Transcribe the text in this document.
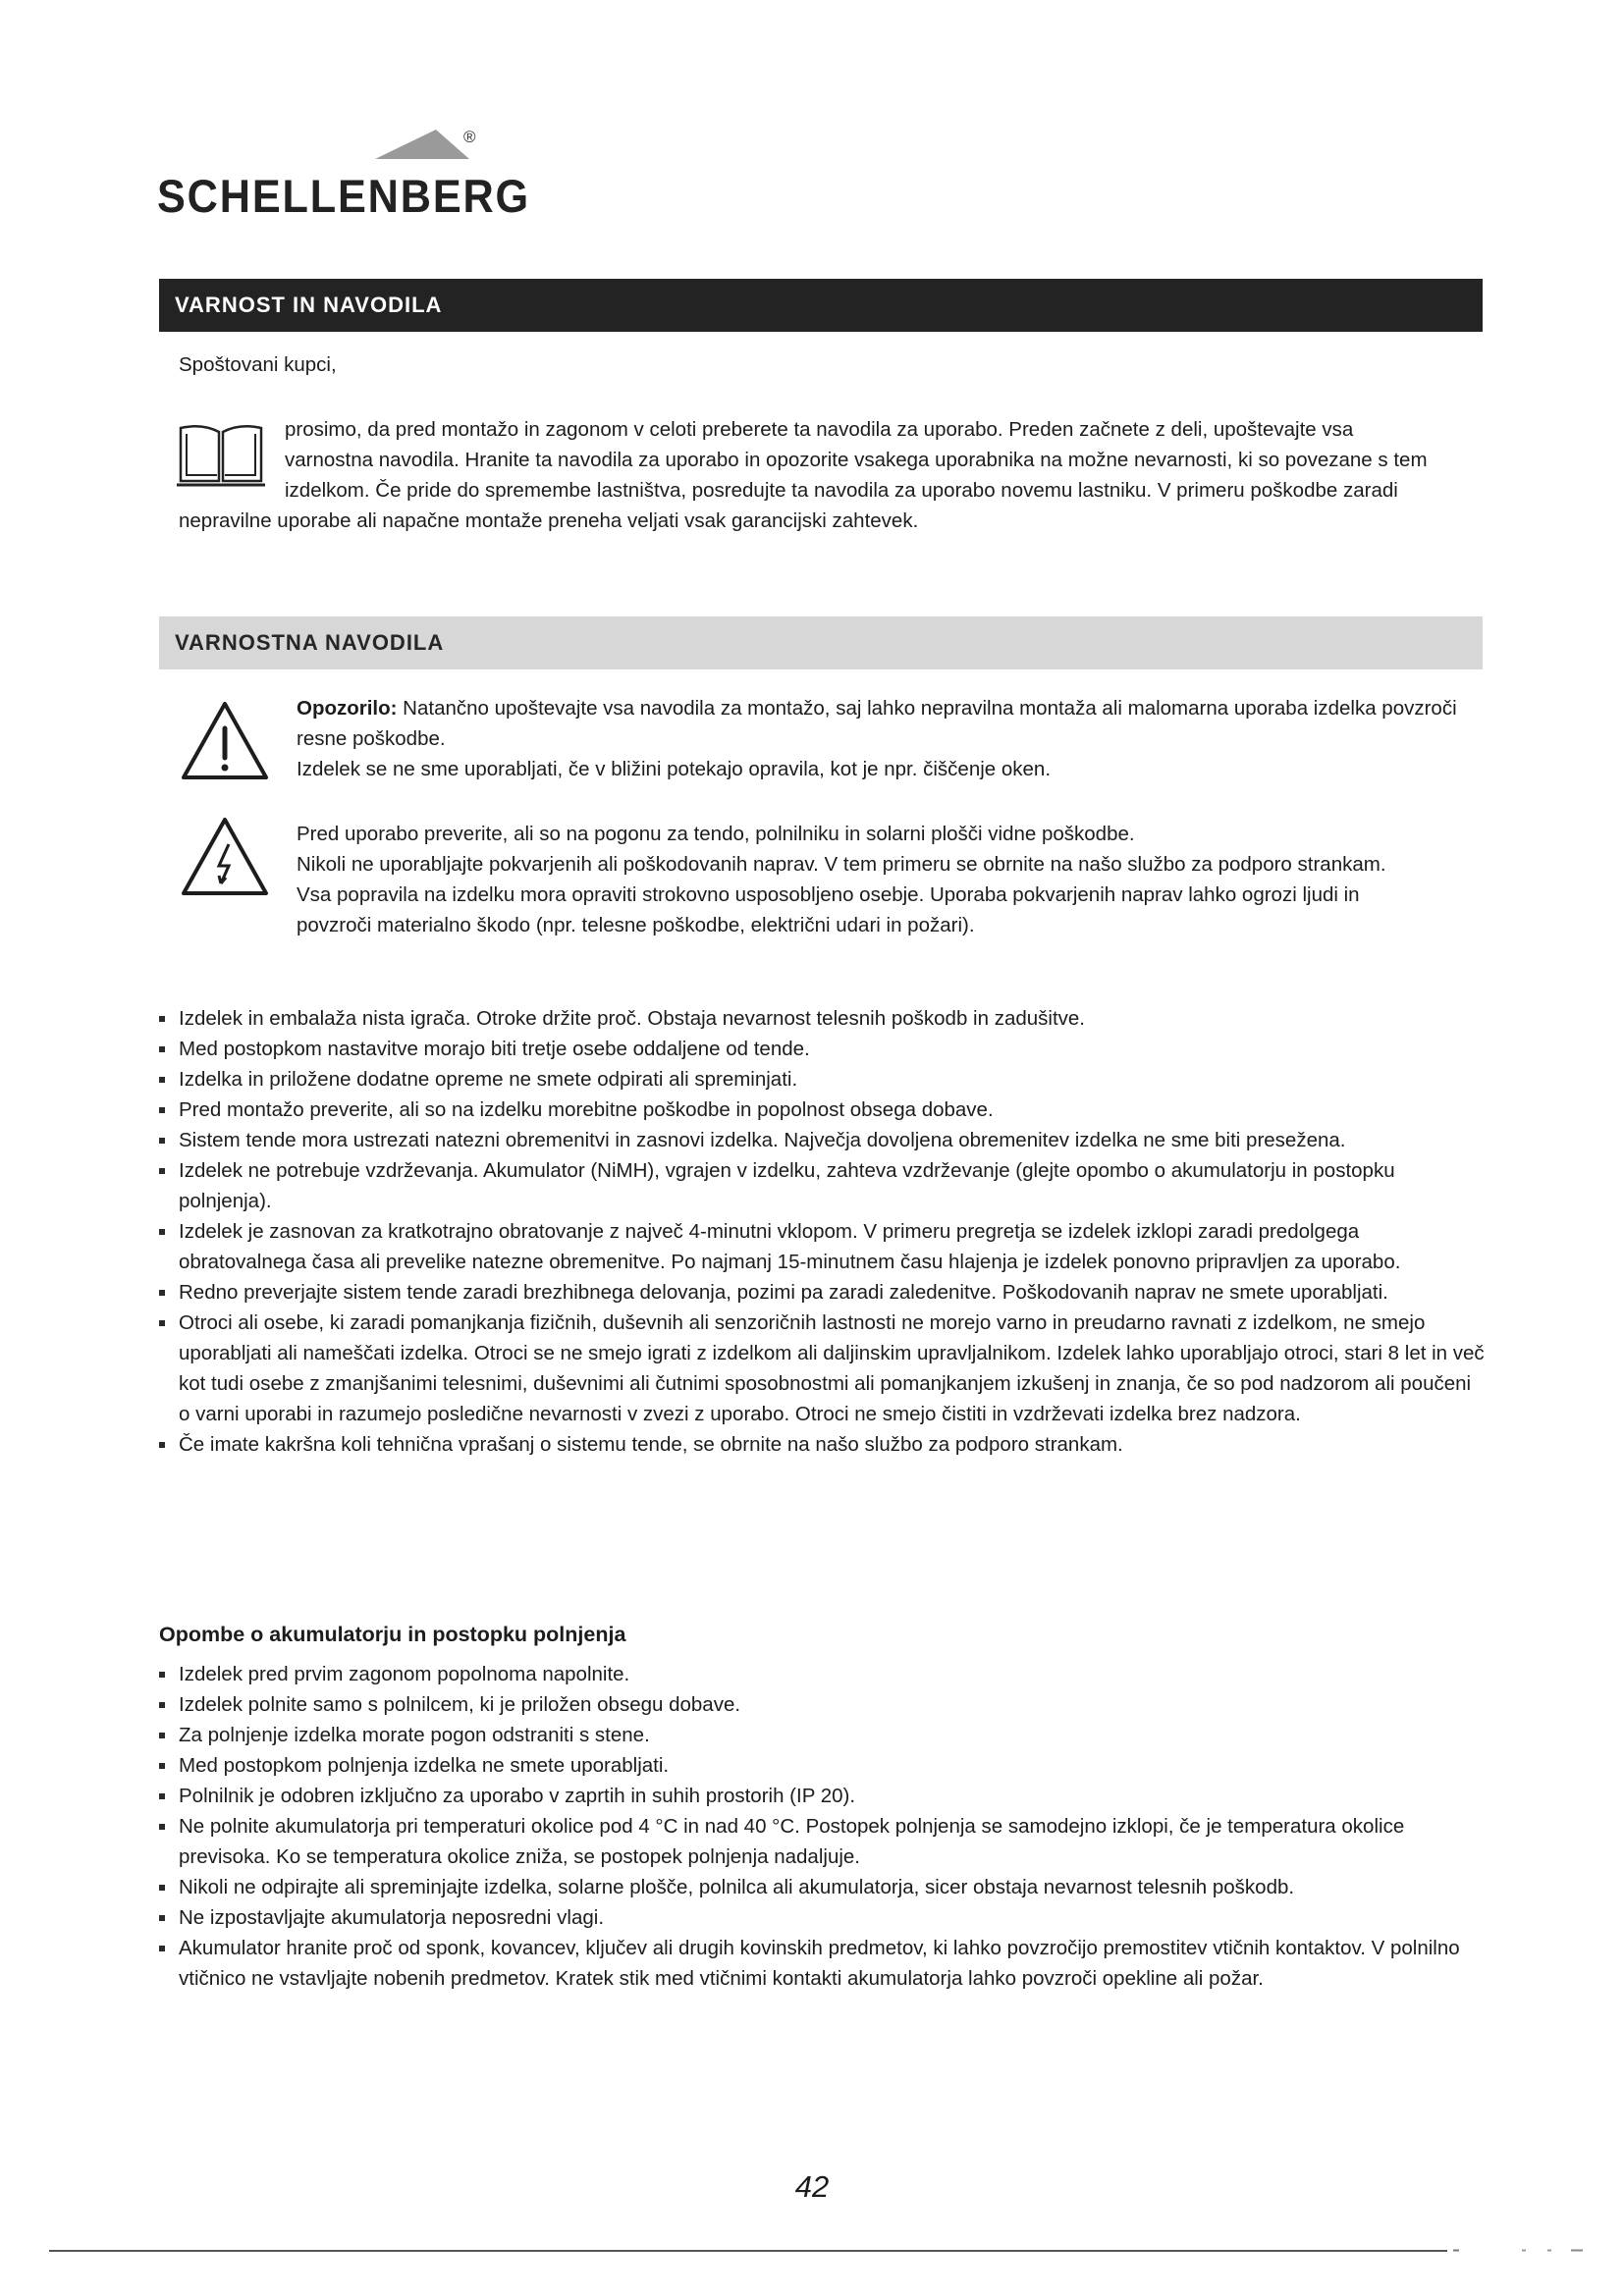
®
SCHELLENBERG
VARNOST IN NAVODILA
Spoštovani kupci,
prosimo, da pred montažo in zagonom v celoti preberete ta navodila za uporabo. Preden začnete z deli, upoštevajte vsa varnostna navodila. Hranite ta navodila za uporabo in opozorite vsakega uporabnika na možne nevarnosti, ki so povezane s tem izdelkom. Če pride do spremembe lastništva, posredujte ta navodila za uporabo novemu lastniku. V primeru poškodbe zaradi nepravilne uporabe ali napačne montaže preneha veljati vsak garancijski zahtevek.
VARNOSTNA NAVODILA
Opozorilo: Natančno upoštevajte vsa navodila za montažo, saj lahko nepravilna montaža ali malomarna uporaba izdelka povzroči resne poškodbe.
Izdelek se ne sme uporabljati, če v bližini potekajo opravila, kot je npr. čiščenje oken.
Pred uporabo preverite, ali so na pogonu za tendo, polnilniku in solarni plošči vidne poškodbe.
Nikoli ne uporabljajte pokvarjenih ali poškodovanih naprav. V tem primeru se obrnite na našo službo za podporo strankam. Vsa popravila na izdelku mora opraviti strokovno usposobljeno osebje. Uporaba pokvarjenih naprav lahko ogrozi ljudi in povzroči materialno škodo (npr. telesne poškodbe, električni udari in požari).
Izdelek in embalaža nista igrača. Otroke držite proč. Obstaja nevarnost telesnih poškodb in zadušitve.
Med postopkom nastavitve morajo biti tretje osebe oddaljene od tende.
Izdelka in priložene dodatne opreme ne smete odpirati ali spreminjati.
Pred montažo preverite, ali so na izdelku morebitne poškodbe in popolnost obsega dobave.
Sistem tende mora ustrezati natezni obremenitvi in zasnovi izdelka. Največja dovoljena obremenitev izdelka ne sme biti presežena.
Izdelek ne potrebuje vzdrževanja. Akumulator (NiMH), vgrajen v izdelku, zahteva vzdrževanje (glejte opombo o akumulatorju in postopku polnjenja).
Izdelek je zasnovan za kratkotrajno obratovanje z največ 4-minutni vklopom. V primeru pregretja se izdelek izklopi zaradi predolgega obratovalnega časa ali prevelike natezne obremenitve. Po najmanj 15-minutnem času hlajenja je izdelek ponovno pripravljen za uporabo.
Redno preverjajte sistem tende zaradi brezhibnega delovanja, pozimi pa zaradi zaledenitve. Poškodovanih naprav ne smete uporabljati.
Otroci ali osebe, ki zaradi pomanjkanja fizičnih, duševnih ali senzoričnih lastnosti ne morejo varno in preudarno ravnati z izdelkom, ne smejo uporabljati ali nameščati izdelka. Otroci se ne smejo igrati z izdelkom ali daljinskim upravljalnikom. Izdelek lahko uporabljajo otroci, stari 8 let in več kot tudi osebe z zmanjšanimi telesnimi, duševnimi ali čutnimi sposobnostmi ali pomanjkanjem izkušenj in znanja, če so pod nadzorom ali poučeni o varni uporabi in razumejo posledične nevarnosti v zvezi z uporabo. Otroci ne smejo čistiti in vzdrževati izdelka brez nadzora.
Če imate kakršna koli tehnična vprašanj o sistemu tende, se obrnite na našo službo za podporo strankam.
Opombe o akumulatorju in postopku polnjenja
Izdelek pred prvim zagonom popolnoma napolnite.
Izdelek polnite samo s polnilcem, ki je priložen obsegu dobave.
Za polnjenje izdelka morate pogon odstraniti s stene.
Med postopkom polnjenja izdelka ne smete uporabljati.
Polnilnik je odobren izključno za uporabo v zaprtih in suhih prostorih (IP 20).
Ne polnite akumulatorja pri temperaturi okolice pod 4 °C in nad 40 °C. Postopek polnjenja se samodejno izklopi, če je temperatura okolice previsoka. Ko se temperatura okolice zniža, se postopek polnjenja nadaljuje.
Nikoli ne odpirajte ali spreminjajte izdelka, solarne plošče, polnilca ali akumulatorja, sicer obstaja nevarnost telesnih poškodb.
Ne izpostavljajte akumulatorja neposredni vlagi.
Akumulator hranite proč od sponk, kovancev, ključev ali drugih kovinskih predmetov, ki lahko povzročijo premostitev vtičnih kontaktov. V polnilno vtičnico ne vstavljajte nobenih predmetov. Kratek stik med vtičnimi kontakti akumulatorja lahko povzroči opekline ali požar.
42
